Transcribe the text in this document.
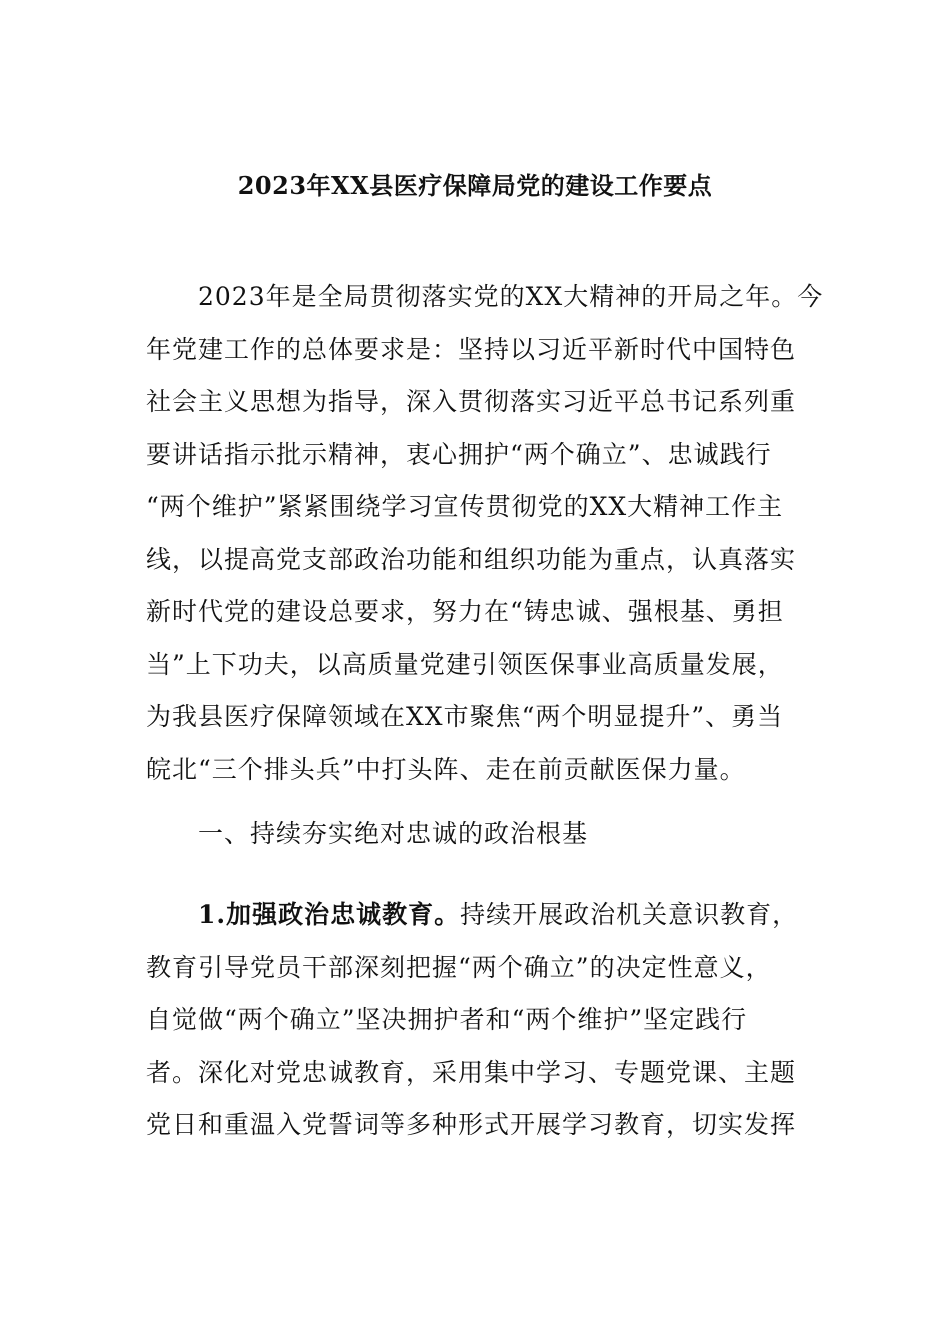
2023年XX县医疗保障局党的建设工作要点
2023年是全局贯彻落实党的XX大精神的开局之年。今
年党建工作的总体要求是：坚持以习近平新时代中国特色
社会主义思想为指导，深入贯彻落实习近平总书记系列重
要讲话指示批示精神，衷心拥护“两个确立”、忠诚践行
“两个维护”紧紧围绕学习宣传贯彻党的XX大精神工作主
线，以提高党支部政治功能和组织功能为重点，认真落实
新时代党的建设总要求，努力在“铸忠诚、强根基、勇担
当”上下功夫，以高质量党建引领医保事业高质量发展，
为我县医疗保障领域在XX市聚焦“两个明显提升”、勇当
皖北“三个排头兵”中打头阵、走在前贡献医保力量。
一、持续夯实绝对忠诚的政治根基
1.加强政治忠诚教育。持续开展政治机关意识教育，
教育引导党员干部深刻把握“两个确立”的决定性意义，
自觉做“两个确立”坚决拥护者和“两个维护”坚定践行
者。深化对党忠诚教育，采用集中学习、专题党课、主题
党日和重温入党誓词等多种形式开展学习教育，切实发挥
